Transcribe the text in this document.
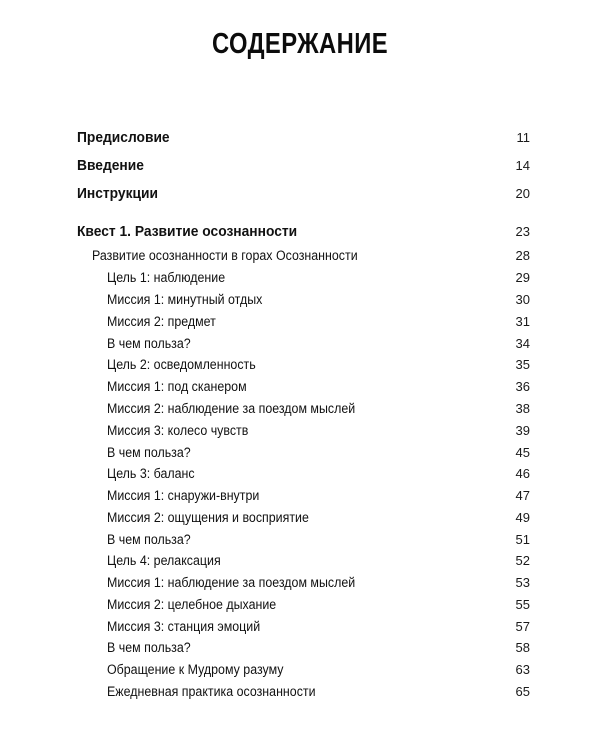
СОДЕРЖАНИЕ
Предисловие	11
Введение	14
Инструкции	20
Квест 1. Развитие осознанности	23
Развитие осознанности в горах Осознанности	28
Цель 1: наблюдение	29
Миссия 1: минутный отдых	30
Миссия 2: предмет	31
В чем польза?	34
Цель 2: осведомленность	35
Миссия 1: под сканером	36
Миссия 2: наблюдение за поездом мыслей	38
Миссия 3: колесо чувств	39
В чем польза?	45
Цель 3: баланс	46
Миссия 1: снаружи-внутри	47
Миссия 2: ощущения и восприятие	49
В чем польза?	51
Цель 4: релаксация	52
Миссия 1: наблюдение за поездом мыслей	53
Миссия 2: целебное дыхание	55
Миссия 3: станция эмоций	57
В чем польза?	58
Обращение к Мудрому разуму	63
Ежедневная практика осознанности	65
